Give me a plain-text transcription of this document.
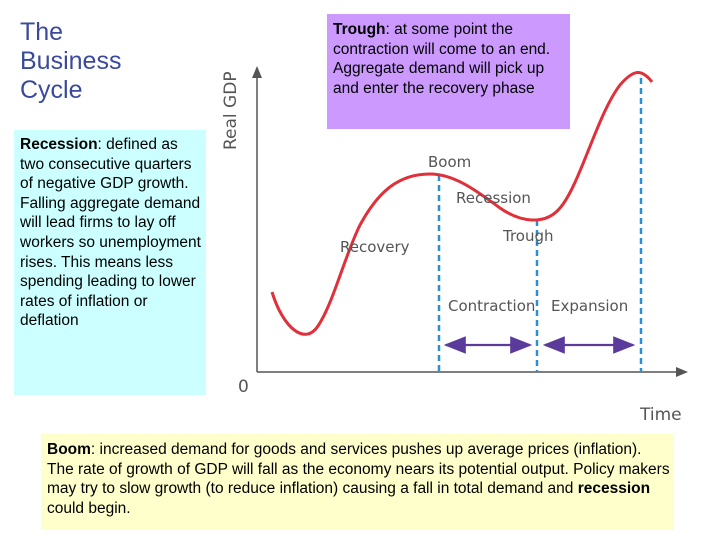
The
Business
Cycle	Real GDP
Time
0
Boom
Recession
Trough
Recovery
Contraction Expansion
Recession: defined as two consecutive quarters of negative GDP growth. Falling aggregate demand will lead firms to lay off workers so unemployment rises. This means less spending leading to lower rates of inflation or deflation
Trough: at some point the contraction will come to an end. Aggregate demand will pick up and enter the recovery phase
Boom: increased demand for goods and services pushes up average prices (inflation). The rate of growth of GDP will fall as the economy nears its potential output. Policy makers may try to slow growth (to reduce inflation) causing a fall in total demand and recession could begin.
